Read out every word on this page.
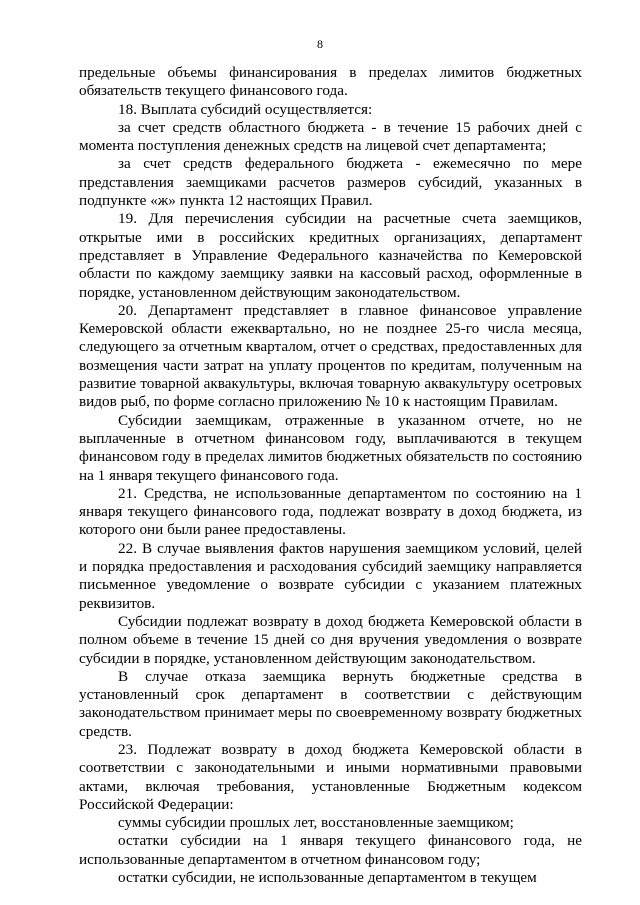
8

предельные объемы финансирования в пределах лимитов бюджетных обязательств текущего финансового года.

18. Выплата субсидий осуществляется:

за счет средств областного бюджета - в течение 15 рабочих дней с момента поступления денежных средств на лицевой счет департамента;

за счет средств федерального бюджета - ежемесячно по мере представления заемщиками расчетов размеров субсидий, указанных в подпункте «ж» пункта 12 настоящих Правил.

19. Для перечисления субсидии на расчетные счета заемщиков, открытые ими в российских кредитных организациях, департамент представляет в Управление Федерального казначейства по Кемеровской области по каждому заемщику заявки на кассовый расход, оформленные в порядке, установленном действующим законодательством.

20. Департамент представляет в главное финансовое управление Кемеровской области ежеквартально, но не позднее 25-го числа месяца, следующего за отчетным кварталом, отчет о средствах, предоставленных для возмещения части затрат на уплату процентов по кредитам, полученным на развитие товарной аквакультуры, включая товарную аквакультуру осетровых видов рыб, по форме согласно приложению № 10 к настоящим Правилам.

Субсидии заемщикам, отраженные в указанном отчете, но не выплаченные в отчетном финансовом году, выплачиваются в текущем финансовом году в пределах лимитов бюджетных обязательств по состоянию на 1 января текущего финансового года.

21. Средства, не использованные департаментом по состоянию на 1 января текущего финансового года, подлежат возврату в доход бюджета, из которого они были ранее предоставлены.

22. В случае выявления фактов нарушения заемщиком условий, целей и порядка предоставления и расходования субсидий заемщику направляется письменное уведомление о возврате субсидии с указанием платежных реквизитов.

Субсидии подлежат возврату в доход бюджета Кемеровской области в полном объеме в течение 15 дней со дня вручения уведомления о возврате субсидии в порядке, установленном действующим законодательством.

В случае отказа заемщика вернуть бюджетные средства в установленный срок департамент в соответствии с действующим законодательством принимает меры по своевременному возврату бюджетных средств.

23. Подлежат возврату в доход бюджета Кемеровской области в соответствии с законодательными и иными нормативными правовыми актами, включая требования, установленные Бюджетным кодексом Российской Федерации:

суммы субсидии прошлых лет, восстановленные заемщиком;

остатки субсидии на 1 января текущего финансового года, не использованные департаментом в отчетном финансовом году;

остатки субсидии, не использованные департаментом в текущем
